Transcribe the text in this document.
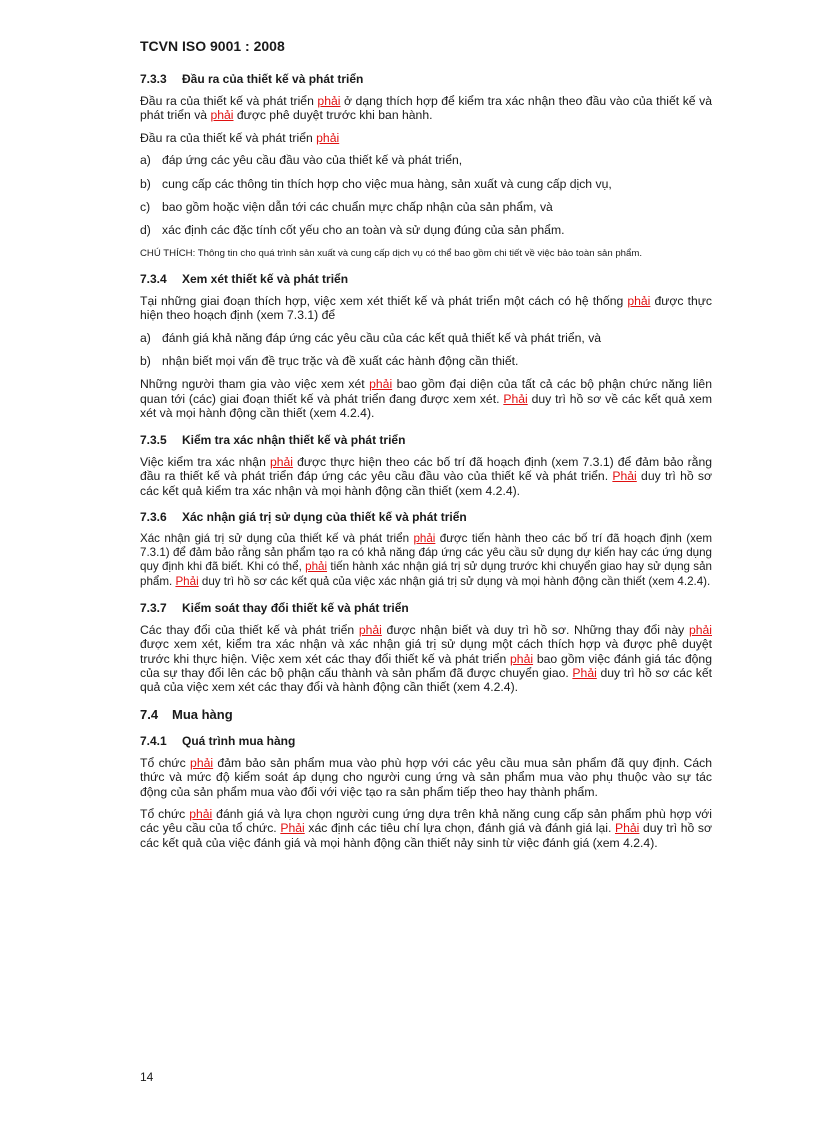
TCVN ISO 9001 : 2008
7.3.3 Đầu ra của thiết kế và phát triển

Đầu ra của thiết kế và phát triển phải ở dạng thích hợp để kiểm tra xác nhận theo đầu vào của thiết kế và phát triển và phải được phê duyệt trước khi ban hành.

Đầu ra của thiết kế và phát triển phải

a) đáp ứng các yêu cầu đầu vào của thiết kế và phát triển,
b) cung cấp các thông tin thích hợp cho việc mua hàng, sản xuất và cung cấp dịch vụ,
c) bao gồm hoặc viện dẫn tới các chuẩn mực chấp nhận của sản phẩm, và
d) xác định các đặc tính cốt yếu cho an toàn và sử dụng đúng của sản phẩm.
CHÚ THÍCH: Thông tin cho quá trình sản xuất và cung cấp dịch vụ có thể bao gồm chi tiết về việc bảo toàn sản phẩm.
7.3.4 Xem xét thiết kế và phát triển

Tại những giai đoạn thích hợp, việc xem xét thiết kế và phát triển một cách có hệ thống phải được thực hiện theo hoạch định (xem 7.3.1) để

a) đánh giá khả năng đáp ứng các yêu cầu của các kết quả thiết kế và phát triển, và
b) nhận biết mọi vấn đề trục trặc và đề xuất các hành động cần thiết.

Những người tham gia vào việc xem xét phải bao gồm đại diện của tất cả các bộ phận chức năng liên quan tới (các) giai đoạn thiết kế và phát triển đang được xem xét. Phải duy trì hồ sơ về các kết quả xem xét và mọi hành động cần thiết (xem 4.2.4).

7.3.5 Kiểm tra xác nhận thiết kế và phát triển

Việc kiểm tra xác nhận phải được thực hiện theo các bố trí đã hoạch định (xem 7.3.1) để đảm bảo rằng đầu ra thiết kế và phát triển đáp ứng các yêu cầu đầu vào của thiết kế và phát triển. Phải duy trì hồ sơ các kết quả kiểm tra xác nhận và mọi hành động cần thiết (xem 4.2.4).

7.3.6 Xác nhận giá trị sử dụng của thiết kế và phát triển

Xác nhận giá trị sử dụng của thiết kế và phát triển phải được tiến hành theo các bố trí đã hoạch định (xem 7.3.1) để đảm bảo rằng sản phẩm tạo ra có khả năng đáp ứng các yêu cầu sử dụng dự kiến hay các ứng dụng quy định khi đã biết. Khi có thể, phải tiến hành xác nhận giá trị sử dụng trước khi chuyển giao hay sử dụng sản phẩm. Phải duy trì hồ sơ các kết quả của việc xác nhận giá trị sử dụng và mọi hành động cần thiết (xem 4.2.4).

7.3.7 Kiểm soát thay đổi thiết kế và phát triển

Các thay đổi của thiết kế và phát triển phải được nhận biết và duy trì hồ sơ. Những thay đổi này phải được xem xét, kiểm tra xác nhận và xác nhận giá trị sử dụng một cách thích hợp và được phê duyệt trước khi thực hiện. Việc xem xét các thay đổi thiết kế và phát triển phải bao gồm việc đánh giá tác động của sự thay đổi lên các bộ phận cấu thành và sản phẩm đã được chuyển giao. Phải duy trì hồ sơ các kết quả của việc xem xét các thay đổi và hành động cần thiết (xem 4.2.4).

7.4 Mua hàng
7.4.1 Quá trình mua hàng

Tổ chức phải đảm bảo sản phẩm mua vào phù hợp với các yêu cầu mua sản phẩm đã quy định. Cách thức và mức độ kiểm soát áp dụng cho người cung ứng và sản phẩm mua vào phụ thuộc vào sự tác động của sản phẩm mua vào đối với việc tạo ra sản phẩm tiếp theo hay thành phẩm.

Tổ chức phải đánh giá và lựa chọn người cung ứng dựa trên khả năng cung cấp sản phẩm phù hợp với các yêu cầu của tổ chức. Phải xác định các tiêu chí lựa chọn, đánh giá và đánh giá lại. Phải duy trì hồ sơ các kết quả của việc đánh giá và mọi hành động cần thiết nảy sinh từ việc đánh giá (xem 4.2.4).

14
